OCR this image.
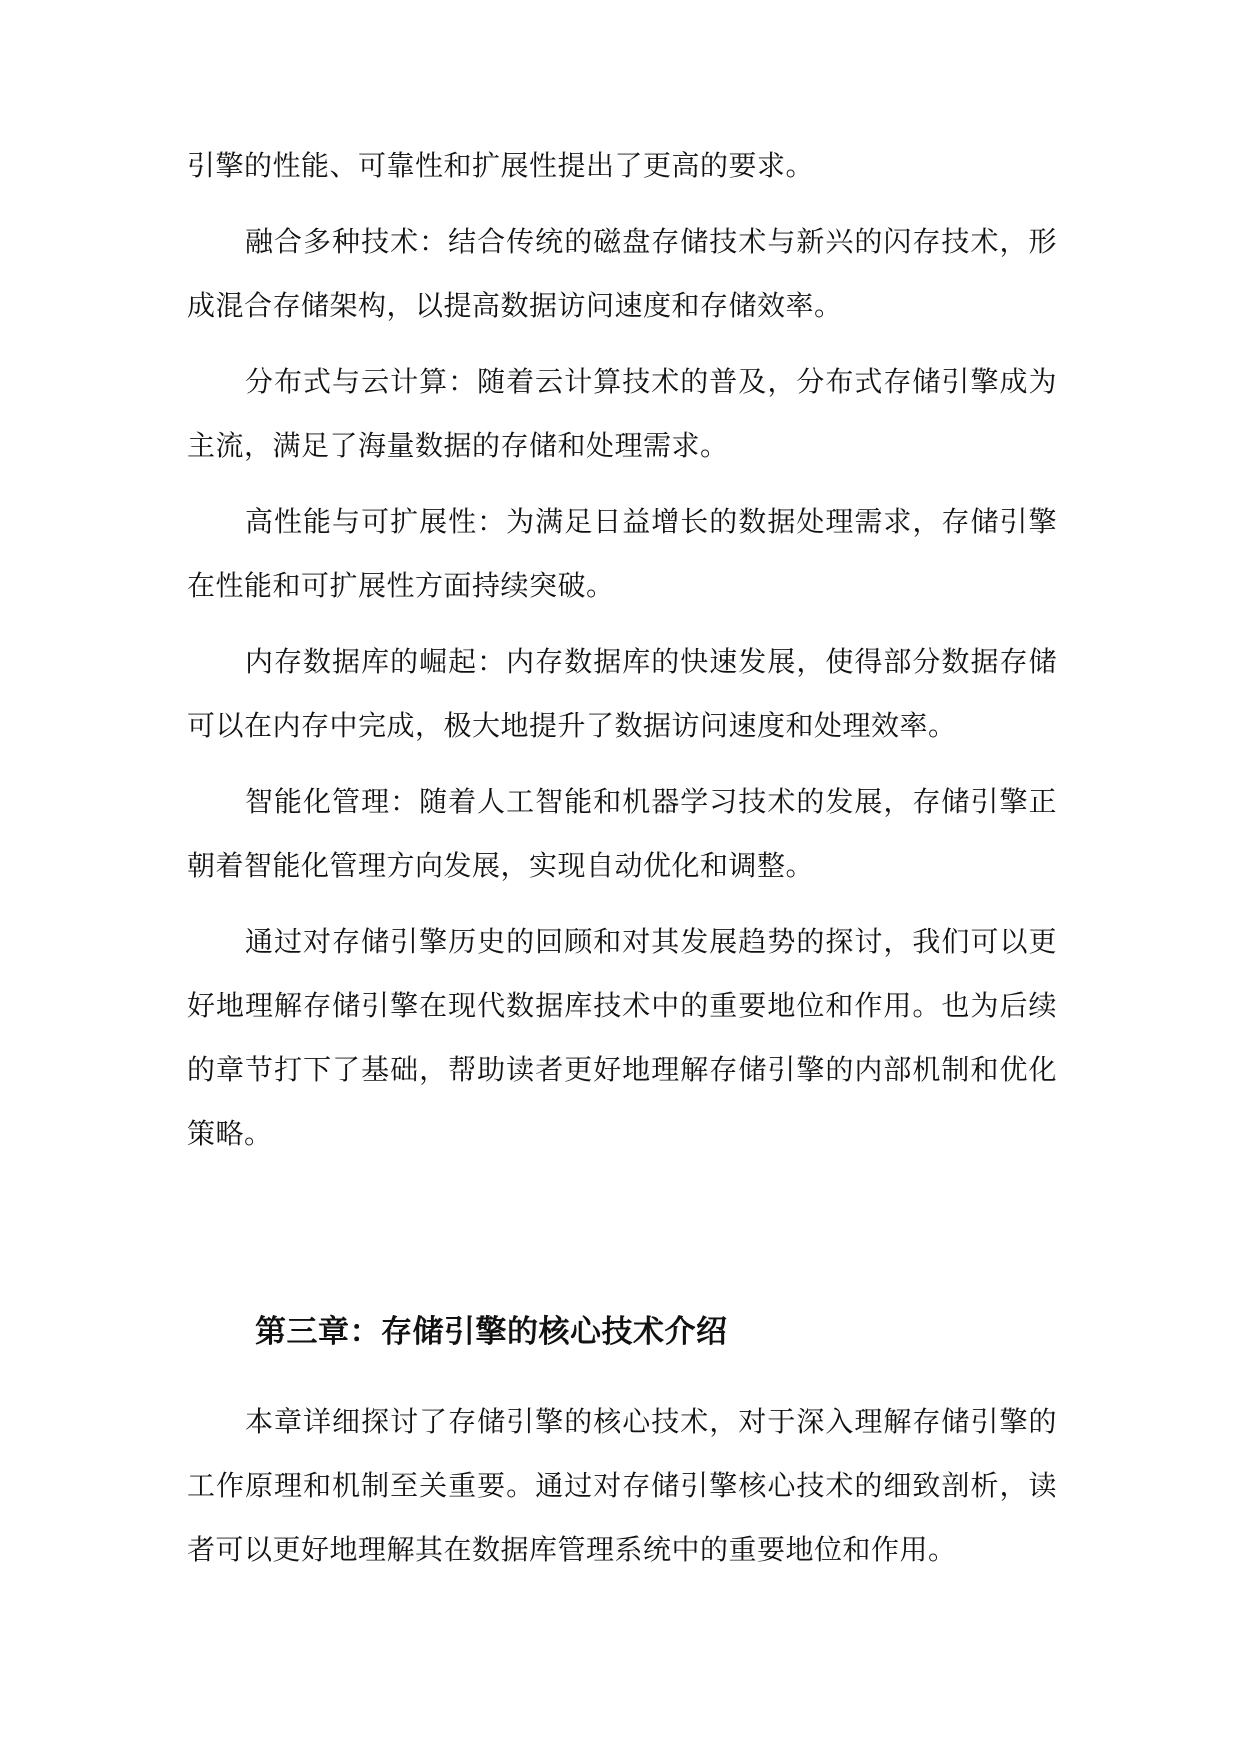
引擎的性能、可靠性和扩展性提出了更高的要求。

融合多种技术：结合传统的磁盘存储技术与新兴的闪存技术，形成混合存储架构，以提高数据访问速度和存储效率。

分布式与云计算：随着云计算技术的普及，分布式存储引擎成为主流，满足了海量数据的存储和处理需求。

高性能与可扩展性：为满足日益增长的数据处理需求，存储引擎在性能和可扩展性方面持续突破。

内存数据库的崛起：内存数据库的快速发展，使得部分数据存储可以在内存中完成，极大地提升了数据访问速度和处理效率。

智能化管理：随着人工智能和机器学习技术的发展，存储引擎正朝着智能化管理方向发展，实现自动优化和调整。

通过对存储引擎历史的回顾和对其发展趋势的探讨，我们可以更好地理解存储引擎在现代数据库技术中的重要地位和作用。也为后续的章节打下了基础，帮助读者更好地理解存储引擎的内部机制和优化策略。

第三章：存储引擎的核心技术介绍

本章详细探讨了存储引擎的核心技术，对于深入理解存储引擎的工作原理和机制至关重要。通过对存储引擎核心技术的细致剖析，读者可以更好地理解其在数据库管理系统中的重要地位和作用。
